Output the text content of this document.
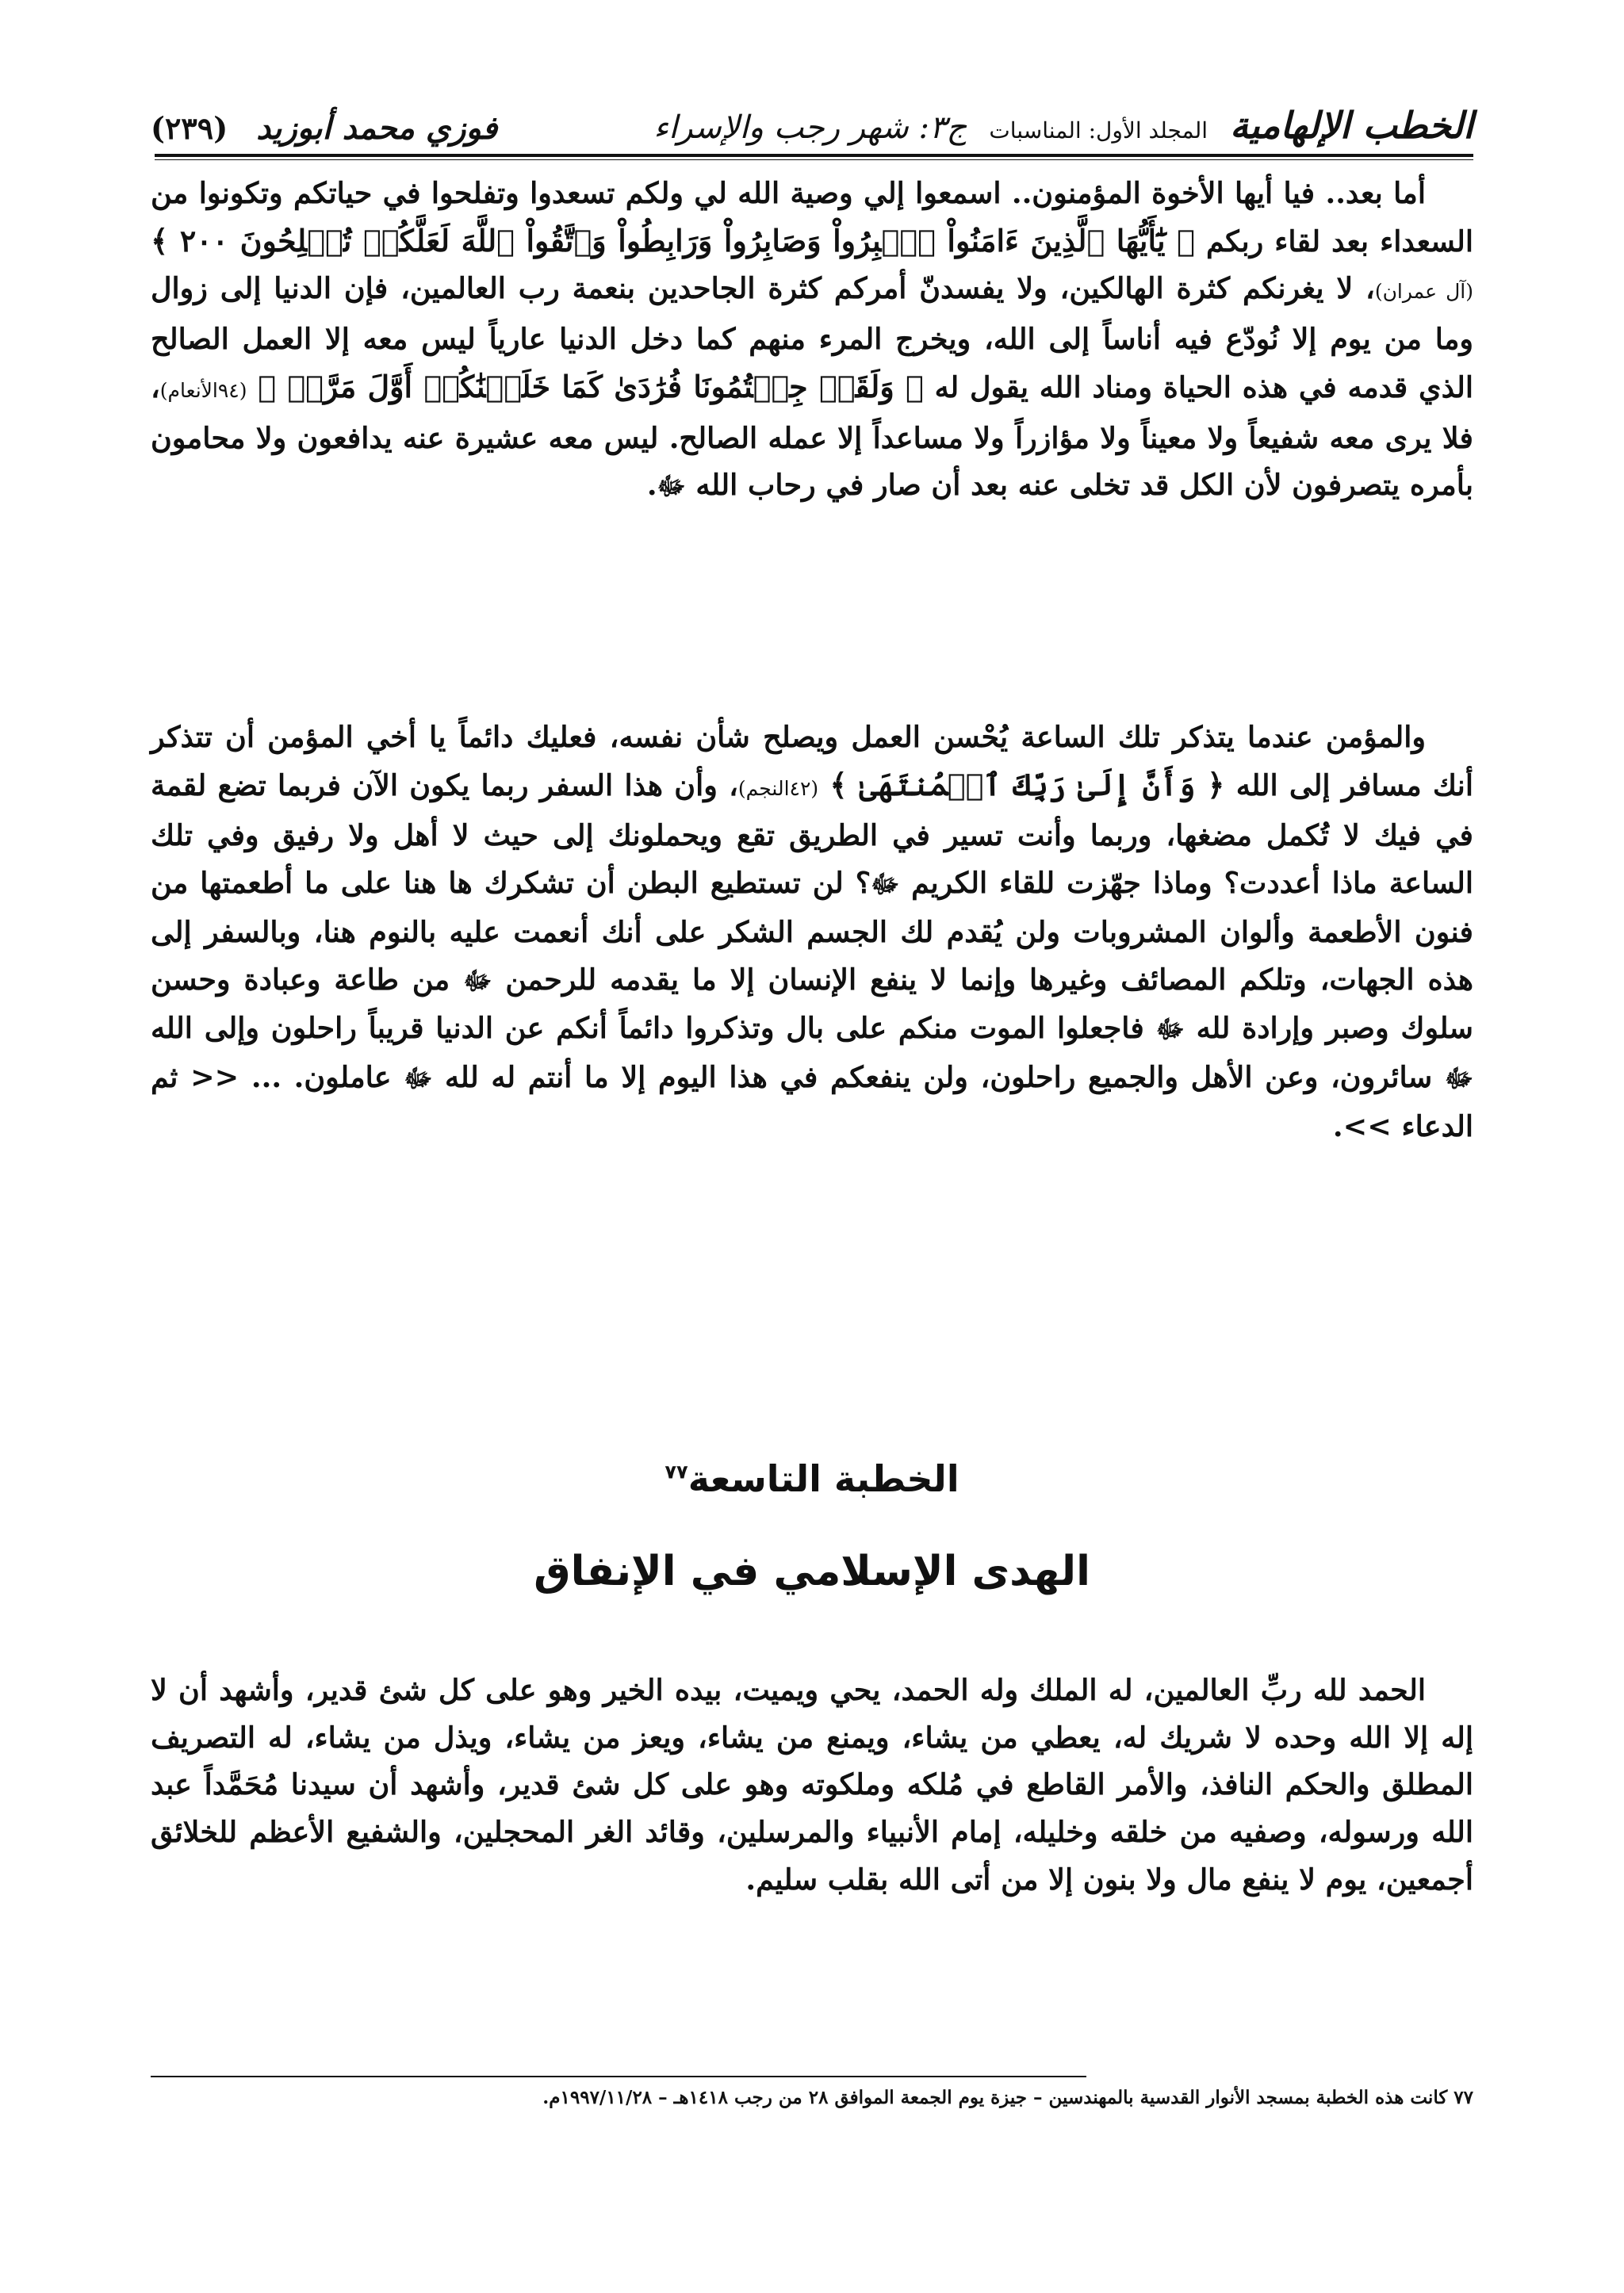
الخطب الإلهامية المجلد الأول: المناسبات ج٣: شهر رجب والإسراء
فوزي محمد أبوزيد (٢٣٩)

أما بعد.. فيا أيها الأخوة المؤمنون.. اسمعوا إلي وصية الله لي ولكم تسعدوا وتفلحوا في حياتكم وتكونوا من السعداء بعد لقاء ربكم ﴿ يَٰٓأَيُّهَا ٱلَّذِينَ ءَامَنُواْ ٱصۡبِرُواْ وَصَابِرُواْ وَرَابِطُواْ وَٱتَّقُواْ ٱللَّهَ لَعَلَّكُمۡ تُفۡلِحُونَ ٢٠٠ ﴾ (آل عمران)، لا يغرنكم كثرة الهالكين، ولا يفسدنّ أمركم كثرة الجاحدين بنعمة رب العالمين، فإن الدنيا إلى زوال وما من يوم إلا نُودّع فيه أناساً إلى الله، ويخرج المرء منهم كما دخل الدنيا عارياً ليس معه إلا العمل الصالح الذي قدمه في هذه الحياة ومناد الله يقول له ﴿ وَلَقَدۡ جِئۡتُمُونَا فُرَٰدَىٰ كَمَا خَلَقۡنَٰكُمۡ أَوَّلَ مَرَّةٖ ﴾ (٩٤الأنعام)، فلا يرى معه شفيعاً ولا معيناً ولا مؤازراً ولا مساعداً إلا عمله الصالح. ليس معه عشيرة عنه يدافعون ولا محامون بأمره يتصرفون لأن الكل قد تخلى عنه بعد أن صار في رحاب الله ﷻ.

والمؤمن عندما يتذكر تلك الساعة يُحْسن العمل ويصلح شأن نفسه، فعليك دائماً يا أخي المؤمن أن تتذكر أنك مسافر إلى الله ﴿ وَأَنَّ إِلَىٰ رَبِّكَ ٱلۡمُنتَهَىٰ ﴾ (٤٢النجم)، وأن هذا السفر ربما يكون الآن فربما تضع لقمة في فيك لا تُكمل مضغها، وربما وأنت تسير في الطريق تقع ويحملونك إلى حيث لا أهل ولا رفيق وفي تلك الساعة ماذا أعددت؟ وماذا جهّزت للقاء الكريم ﷻ؟ لن تستطيع البطن أن تشكرك ها هنا على ما أطعمتها من فنون الأطعمة وألوان المشروبات ولن يُقدم لك الجسم الشكر على أنك أنعمت عليه بالنوم هنا، وبالسفر إلى هذه الجهات، وتلكم المصائف وغيرها وإنما لا ينفع الإنسان إلا ما يقدمه للرحمن ﷻ من طاعة وعبادة وحسن سلوك وصبر وإرادة لله ﷻ فاجعلوا الموت منكم على بال وتذكروا دائماً أنكم عن الدنيا قريباً راحلون وإلى الله ﷻ سائرون، وعن الأهل والجميع راحلون، ولن ينفعكم في هذا اليوم إلا ما أنتم له لله ﷻ عاملون. ... << ثم الدعاء >>.

الخطبة التاسعة$^{٧٧}$
الهدى الإسلامي في الإنفاق

الحمد لله ربِّ العالمين، له الملك وله الحمد، يحي ويميت، بيده الخير وهو على كل شئ قدير، وأشهد أن لا إله إلا الله وحده لا شريك له، يعطي من يشاء، ويمنع من يشاء، ويعز من يشاء، ويذل من يشاء، له التصريف المطلق والحكم النافذ، والأمر القاطع في مُلكه وملكوته وهو على كل شئ قدير، وأشهد أن سيدنا مُحَمَّداً عبد الله ورسوله، وصفيه من خلقه وخليله، إمام الأنبياء والمرسلين، وقائد الغر المحجلين، والشفيع الأعظم للخلائق أجمعين، يوم لا ينفع مال ولا بنون إلا من أتى الله بقلب سليم.

٧٧ كانت هذه الخطبة بمسجد الأنوار القدسية بالمهندسين – جيزة يوم الجمعة الموافق ٢٨ من رجب ١٤١٨هـ – ١٩٩٧/١١/٢٨م.
